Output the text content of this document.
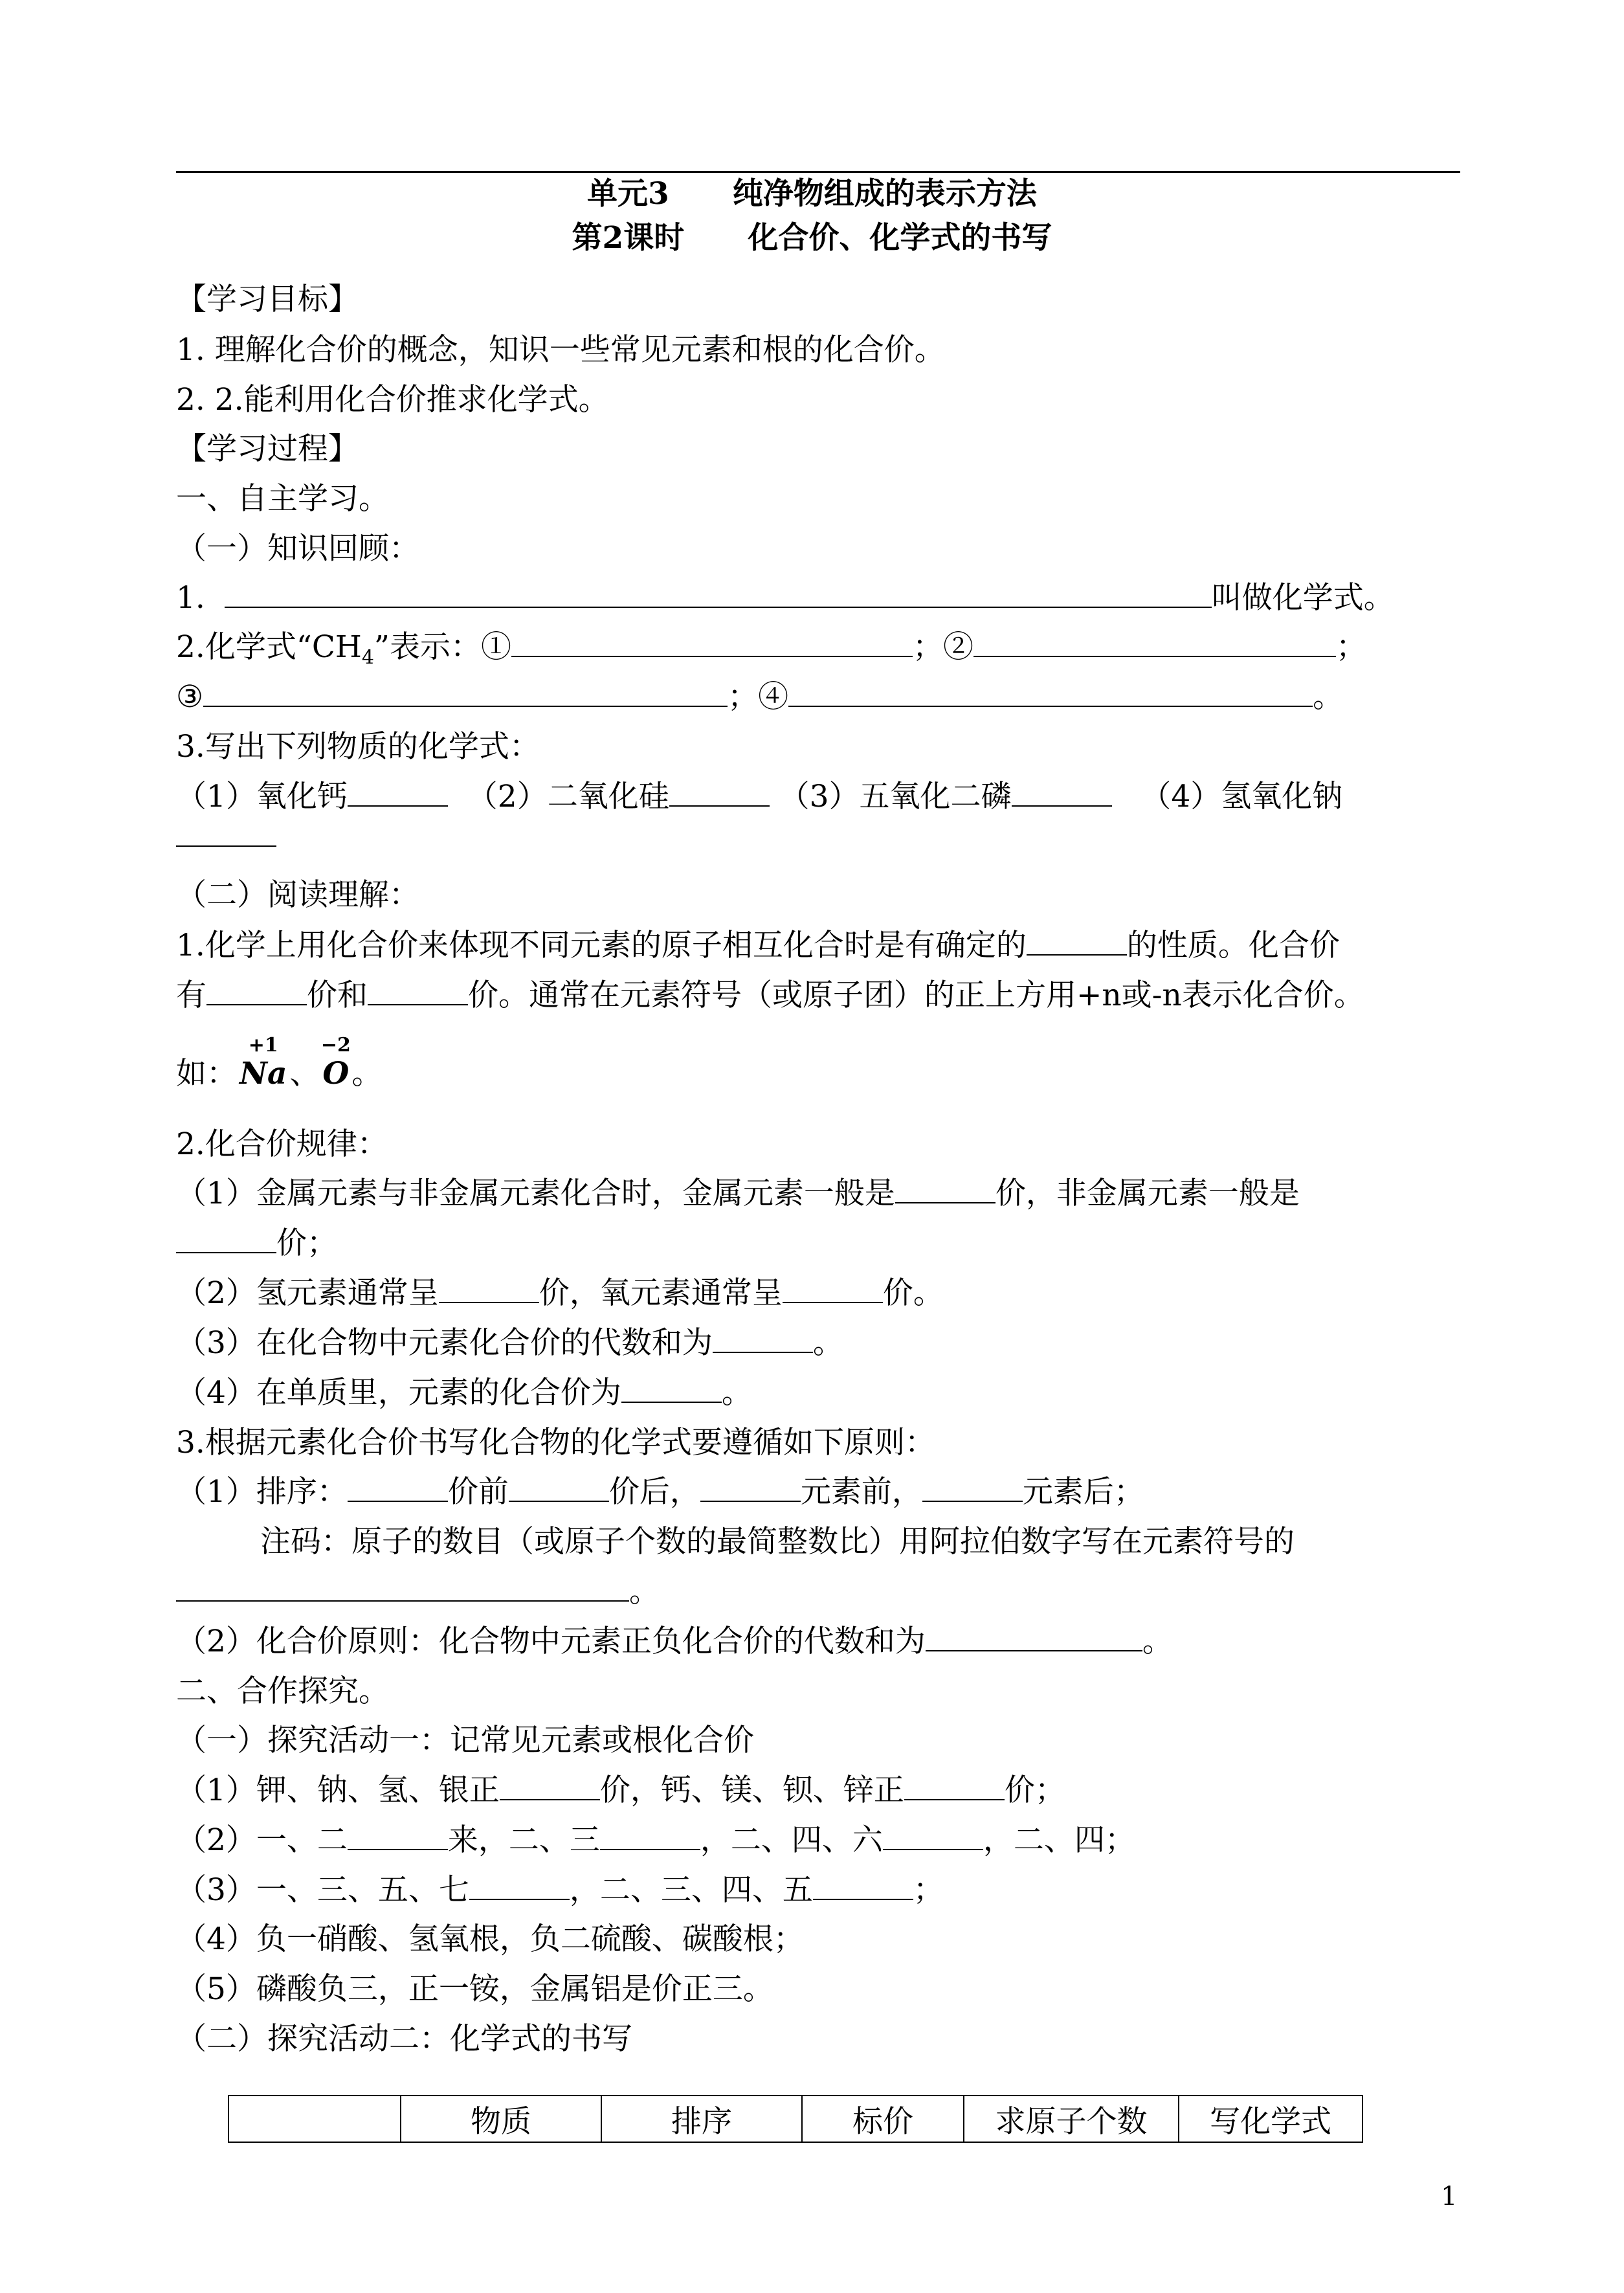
单元3      纯净物组成的表示方法
第2课时      化合价、化学式的书写
【学习目标】
1. 理解化合价的概念，知识一些常见元素和根的化合价。
2. 2.能利用化合价推求化学式。
【学习过程】
一、自主学习。
（一）知识回顾：
1.	叫做化学式。
2.化学式“$CH_4$”表示：①	；②	；
③	；④	。
3.写出下列物质的化学式：
（1）氧化钙	（2）二氧化硅	（3）五氧化二磷	（4）氢氧化钠
（二）阅读理解：
1.化学上用化合价来体现不同元素的原子相互化合时是有确定的	的性质。化合价
有	价和	价。通常在元素符号（或原子团）的正上方用+n或-n表示化合价。
如：
+1
Na、
−2
O。
2.化合价规律：
（1）金属元素与非金属元素化合时，金属元素一般是	价，非金属元素一般是
价；
（2）氢元素通常呈	价，氧元素通常呈	价。
（3）在化合物中元素化合价的代数和为	。
（4）在单质里，元素的化合价为	。
3.根据元素化合价书写化合物的化学式要遵循如下原则：
（1）排序：	价前	价后，	元素前，	元素后；
注码：原子的数目（或原子个数的最简整数比）用阿拉伯数字写在元素符号的
。
（2）化合价原则：化合物中元素正负化合价的代数和为	。
二、合作探究。
（一）探究活动一：记常见元素或根化合价
（1）钾、钠、氢、银正	价，钙、镁、钡、锌正	价；
（2）一、二	来，二、三	，二、四、六	，二、四；
（3）一、三、五、七	，二、三、四、五	；
（4）负一硝酸、氢氧根，负二硫酸、碳酸根；
（5）磷酸负三，正一铵，金属铝是价正三。
（二）探究活动二：化学式的书写
	物质	排序	标价	求原子个数	写化学式
1
